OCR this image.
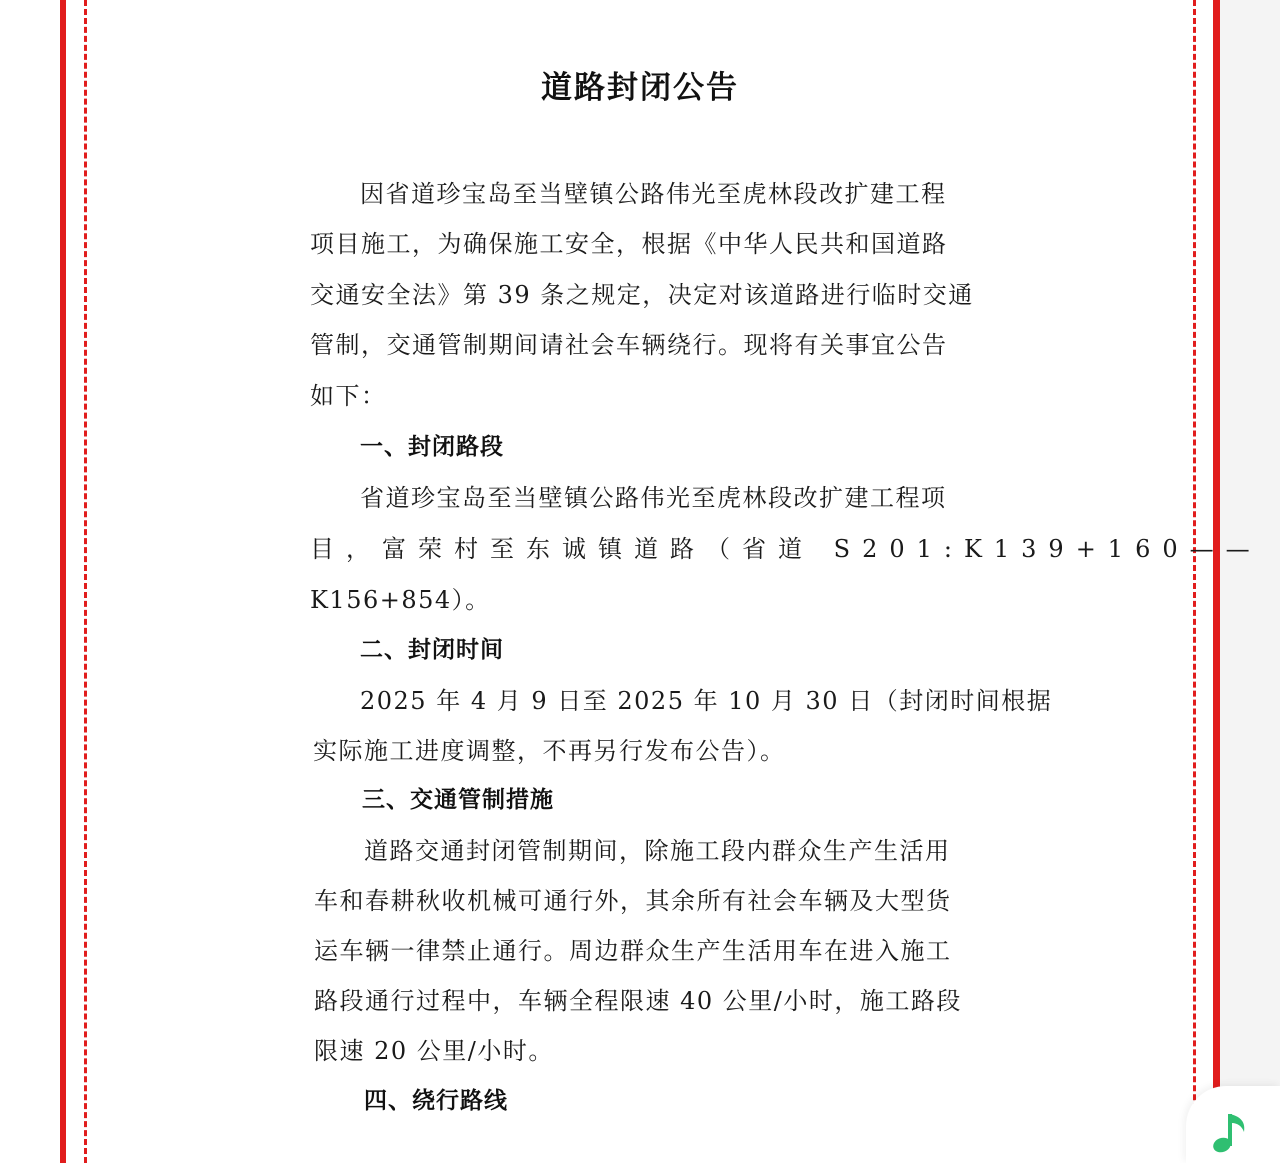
道路封闭公告
因省道珍宝岛至当壁镇公路伟光至虎林段改扩建工程
项目施工，为确保施工安全，根据《中华人民共和国道路
交通安全法》第 39 条之规定，决定对该道路进行临时交通
管制，交通管制期间请社会车辆绕行。现将有关事宜公告
如下：
一、封闭路段
省道珍宝岛至当壁镇公路伟光至虎林段改扩建工程项
目，富荣村至东诚镇道路（省道 S201:K139+160——
K156+854）。
二、封闭时间
2025 年 4 月 9 日至 2025 年 10 月 30 日（封闭时间根据
实际施工进度调整，不再另行发布公告）。
三、交通管制措施
道路交通封闭管制期间，除施工段内群众生产生活用
车和春耕秋收机械可通行外，其余所有社会车辆及大型货
运车辆一律禁止通行。周边群众生产生活用车在进入施工
路段通行过程中，车辆全程限速 40 公里/小时，施工路段
限速 20 公里/小时。
四、绕行路线
